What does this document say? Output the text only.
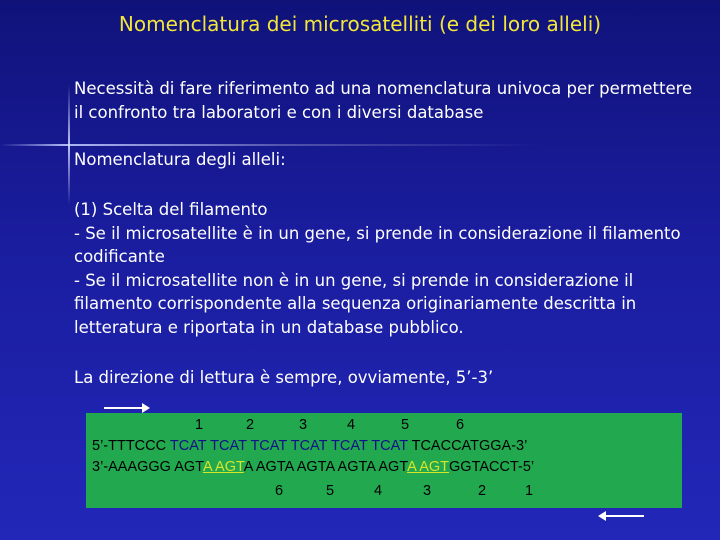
Nomenclatura dei microsatelliti (e dei loro alleli)
Necessità di fare riferimento ad una nomenclatura univoca per permettere il confronto tra laboratori e con i diversi database
Nomenclatura degli alleli:
(1) Scelta del filamento
- Se il microsatellite è in un gene, si prende in considerazione il filamento codificante
- Se il microsatellite non è in un gene, si prende in considerazione il filamento corrispondente alla sequenza originariamente descritta in letteratura e riportata in un database pubblico.
La direzione di lettura è sempre, ovviamente, 5’-3’
1	2	3	4	5	6
5’-TTTCCC TCAT TCAT TCAT TCAT TCAT TCAT TCACCATGGA-3’
3’-AAAGGG AGTA AGTA AGTA AGTA AGTA AGTA AGTGGTACCT-5’
6	5	4	3	2	1
